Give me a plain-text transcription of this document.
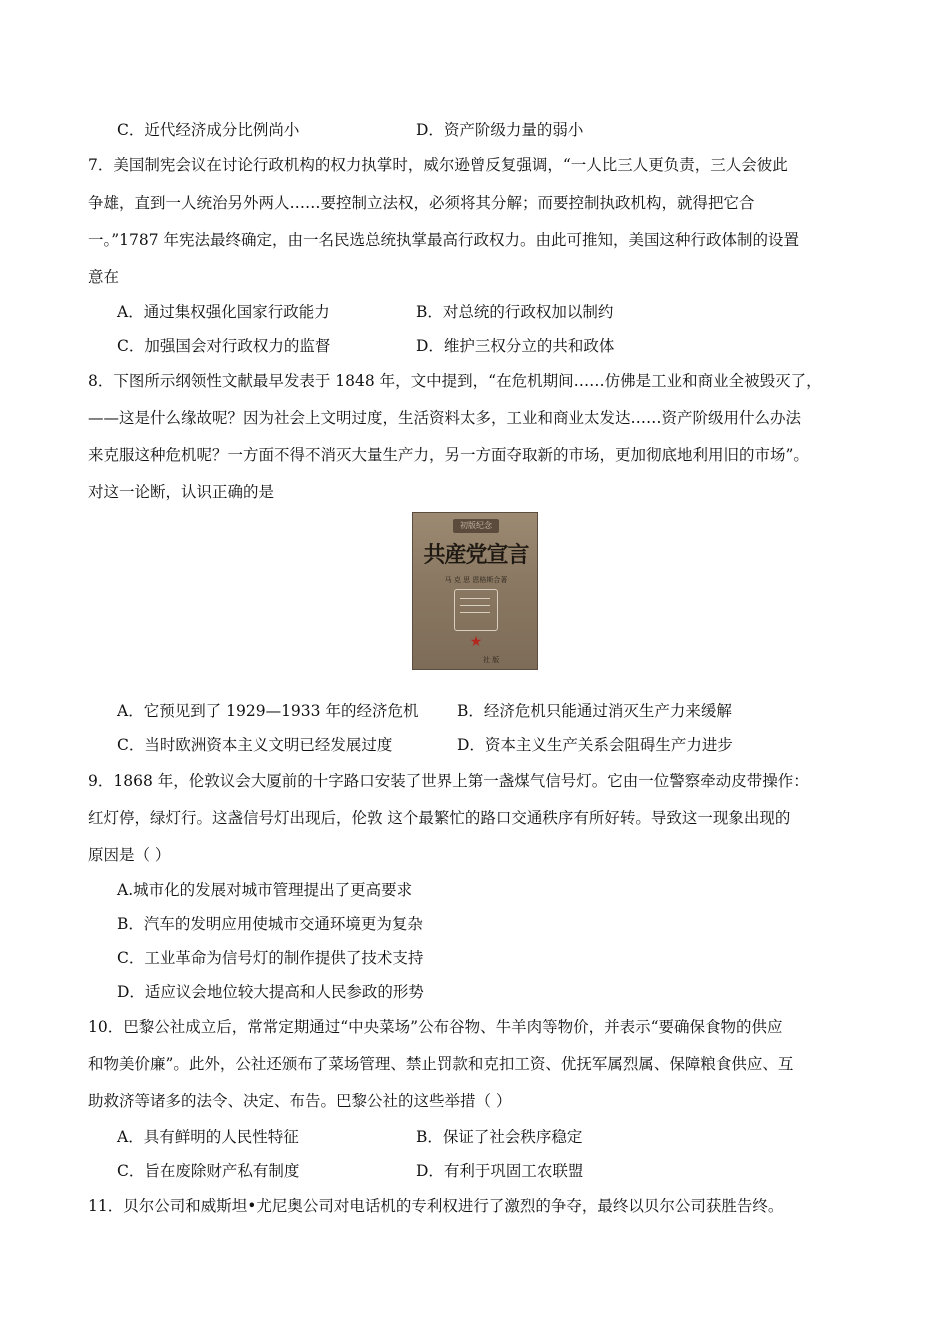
C．近代经济成分比例尚小	D．资产阶级力量的弱小
7．美国制宪会议在讨论行政机构的权力执掌时，威尔逊曾反复强调，“一人比三人更负责，三人会彼此
争雄，直到一人统治另外两人……要控制立法权，必须将其分解；而要控制执政机构，就得把它合
一。”1787 年宪法最终确定，由一名民选总统执掌最高行政权力。由此可推知，美国这种行政体制的设置
意在
A．通过集权强化国家行政能力	B．对总统的行政权加以制约
C．加强国会对行政权力的监督	D．维护三权分立的共和政体
8．下图所示纲领性文献最早发表于 1848 年，文中提到，“在危机期间……仿佛是工业和商业全被毁灭了，
——这是什么缘故呢？因为社会上文明过度，生活资料太多，工业和商业太发达……资产阶级用什么办法
来克服这种危机呢？一方面不得不消灭大量生产力，另一方面夺取新的市场，更加彻底地利用旧的市场”。
对这一论断，认识正确的是
初版纪念
共産党宣言
马 克 思 恩格斯合著
★
社 版
A．它预见到了 1929—1933 年的经济危机 B．经济危机只能通过消灭生产力来缓解
C．当时欧洲资本主义文明已经发展过度	D．资本主义生产关系会阻碍生产力进步
9．1868 年，伦敦议会大厦前的十字路口安装了世界上第一盏煤气信号灯。它由一位警察牵动皮带操作：
红灯停，绿灯行。这盏信号灯出现后，伦敦 这个最繁忙的路口交通秩序有所好转。导致这一现象出现的
原因是（ ）
A.城市化的发展对城市管理提出了更高要求
B．汽车的发明应用使城市交通环境更为复杂
C．工业革命为信号灯的制作提供了技术支持
D．适应议会地位较大提高和人民参政的形势
10．巴黎公社成立后，常常定期通过“中央菜场”公布谷物、牛羊肉等物价，并表示“要确保食物的供应
和物美价廉”。此外，公社还颁布了菜场管理、禁止罚款和克扣工资、优抚军属烈属、保障粮食供应、互
助救济等诸多的法令、决定、布告。巴黎公社的这些举措（ ）
A．具有鲜明的人民性特征	B．保证了社会秩序稳定
C．旨在废除财产私有制度	D．有利于巩固工农联盟
11．贝尔公司和威斯坦•尤尼奥公司对电话机的专利权进行了激烈的争夺，最终以贝尔公司获胜告终。
